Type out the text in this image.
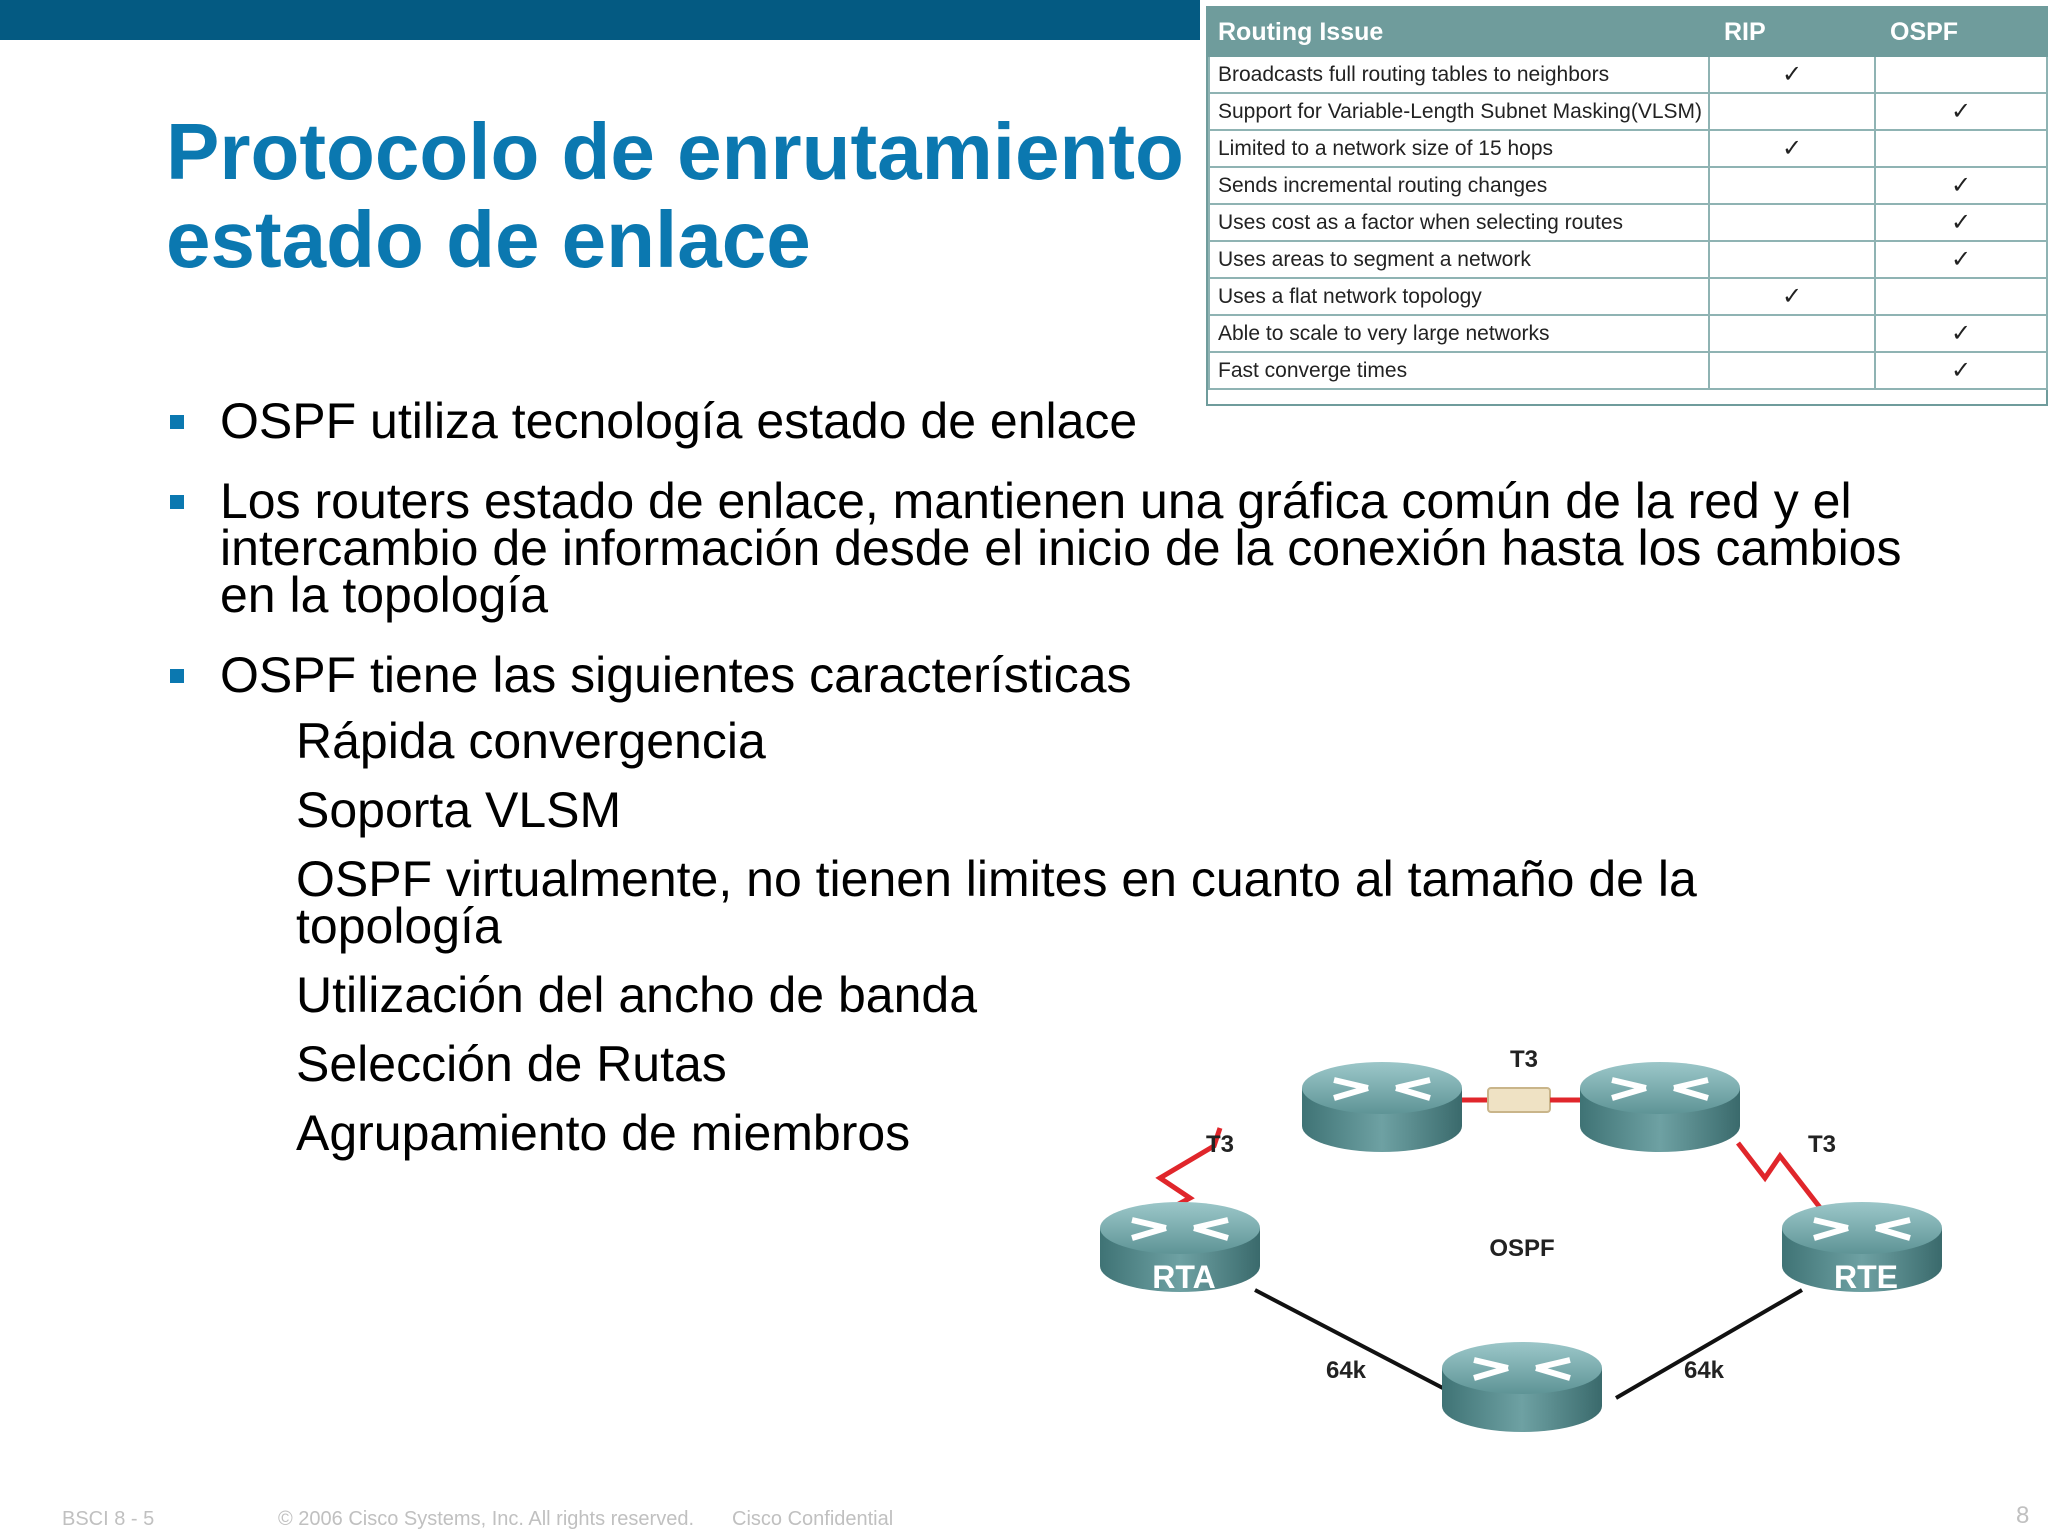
Protocolo de enrutamiento
estado de enlace
Routing Issue	RIP	OSPF
Broadcasts full routing tables to neighbors	✓	
Support for Variable-Length Subnet Masking(VLSM)		✓
Limited to a network size of 15 hops	✓	
Sends incremental routing changes		✓
Uses cost as a factor when selecting routes		✓
Uses areas to segment a network		✓
Uses a flat network topology	✓	
Able to scale to very large networks		✓
Fast converge times		✓
OSPF utiliza tecnología estado de enlace
Los routers estado de enlace, mantienen una gráfica común de la red y el intercambio de información desde el inicio de la conexión hasta los cambios en la topología
OSPF tiene las siguientes características
Rápida convergencia
Soporta VLSM
OSPF virtualmente, no tienen limites en cuanto al tamaño de la topología
Utilización del ancho de banda
Selección de Rutas
Agrupamiento de miembros
RTA	RTE
OSPF
T3
T3
T3
64k	64k
BSCI 8 - 5	© 2006 Cisco Systems, Inc. All rights reserved. Cisco Confidential	8
